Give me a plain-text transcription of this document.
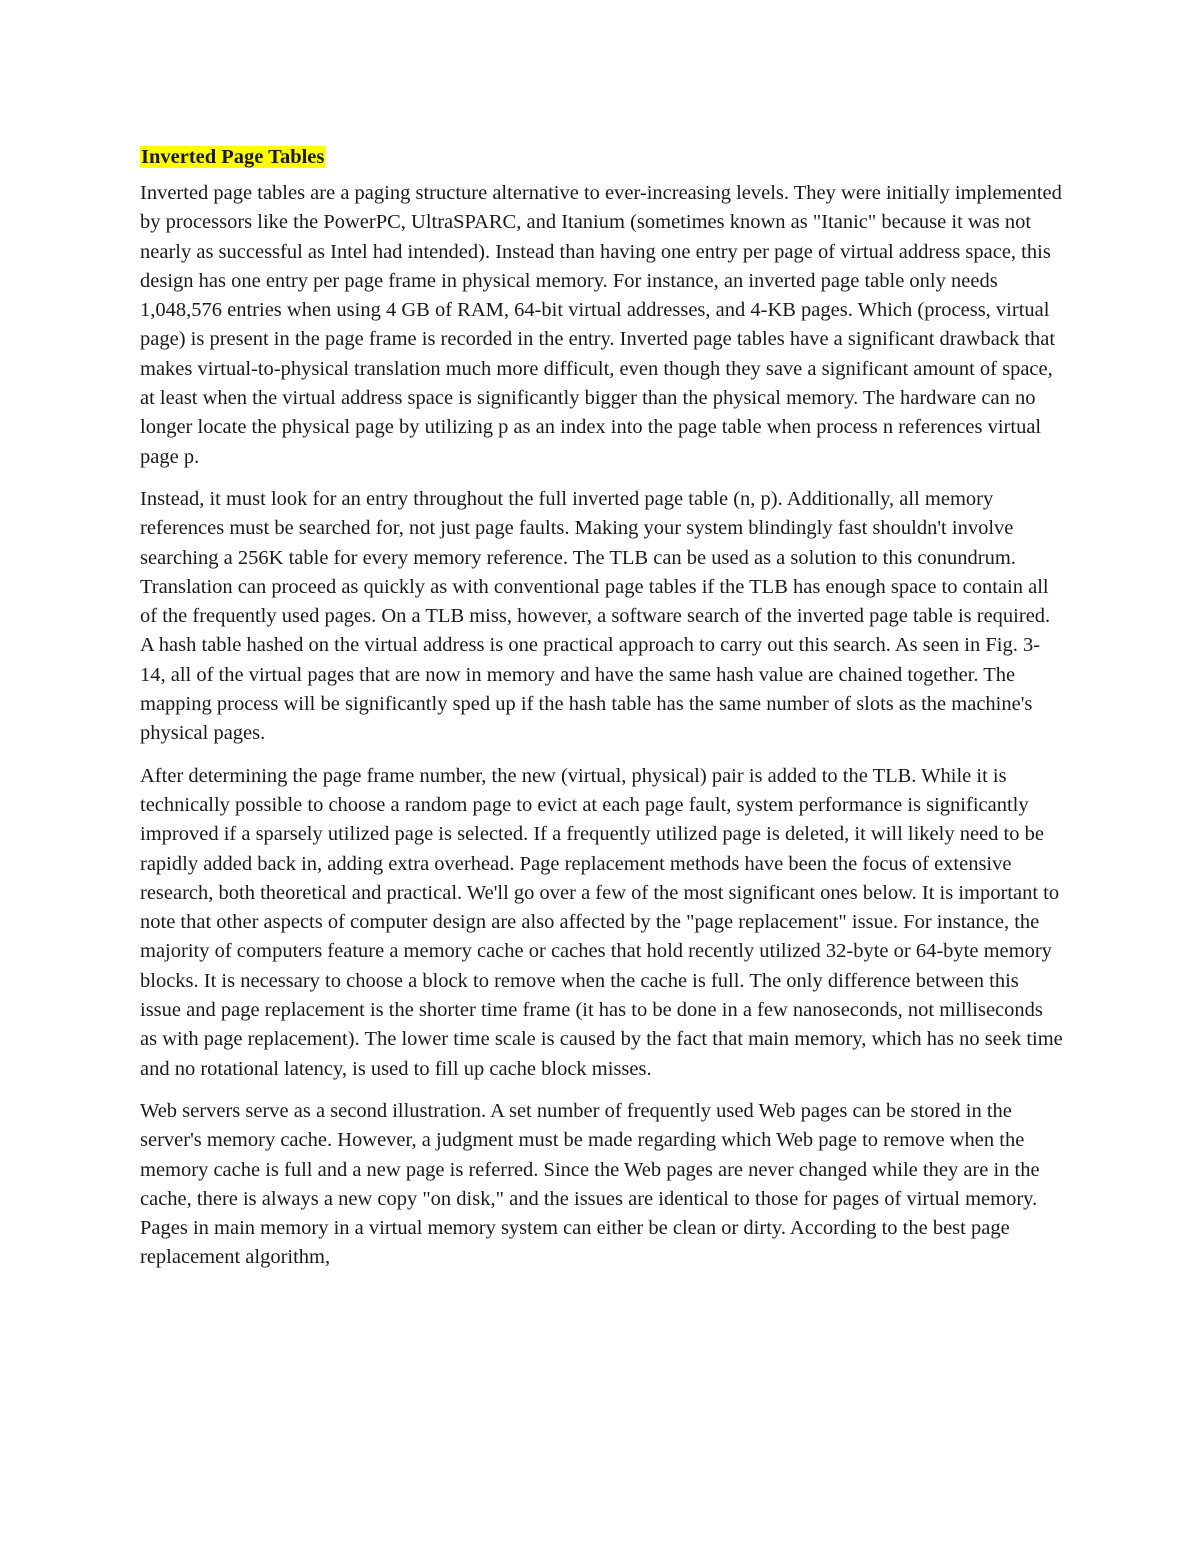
Inverted Page Tables

Inverted page tables are a paging structure alternative to ever-increasing levels. They were initially implemented by processors like the PowerPC, UltraSPARC, and Itanium (sometimes known as "Itanic" because it was not nearly as successful as Intel had intended). Instead than having one entry per page of virtual address space, this design has one entry per page frame in physical memory. For instance, an inverted page table only needs 1,048,576 entries when using 4 GB of RAM, 64-bit virtual addresses, and 4-KB pages. Which (process, virtual page) is present in the page frame is recorded in the entry. Inverted page tables have a significant drawback that makes virtual-to-physical translation much more difficult, even though they save a significant amount of space, at least when the virtual address space is significantly bigger than the physical memory. The hardware can no longer locate the physical page by utilizing p as an index into the page table when process n references virtual page p.

Instead, it must look for an entry throughout the full inverted page table (n, p). Additionally, all memory references must be searched for, not just page faults. Making your system blindingly fast shouldn't involve searching a 256K table for every memory reference. The TLB can be used as a solution to this conundrum. Translation can proceed as quickly as with conventional page tables if the TLB has enough space to contain all of the frequently used pages. On a TLB miss, however, a software search of the inverted page table is required. A hash table hashed on the virtual address is one practical approach to carry out this search. As seen in Fig. 3-14, all of the virtual pages that are now in memory and have the same hash value are chained together. The mapping process will be significantly sped up if the hash table has the same number of slots as the machine's physical pages.

After determining the page frame number, the new (virtual, physical) pair is added to the TLB. While it is technically possible to choose a random page to evict at each page fault, system performance is significantly improved if a sparsely utilized page is selected. If a frequently utilized page is deleted, it will likely need to be rapidly added back in, adding extra overhead. Page replacement methods have been the focus of extensive research, both theoretical and practical. We'll go over a few of the most significant ones below. It is important to note that other aspects of computer design are also affected by the "page replacement" issue. For instance, the majority of computers feature a memory cache or caches that hold recently utilized 32-byte or 64-byte memory blocks. It is necessary to choose a block to remove when the cache is full. The only difference between this issue and page replacement is the shorter time frame (it has to be done in a few nanoseconds, not milliseconds as with page replacement). The lower time scale is caused by the fact that main memory, which has no seek time and no rotational latency, is used to fill up cache block misses.

Web servers serve as a second illustration. A set number of frequently used Web pages can be stored in the server's memory cache. However, a judgment must be made regarding which Web page to remove when the memory cache is full and a new page is referred. Since the Web pages are never changed while they are in the cache, there is always a new copy "on disk," and the issues are identical to those for pages of virtual memory. Pages in main memory in a virtual memory system can either be clean or dirty. According to the best page replacement algorithm,
